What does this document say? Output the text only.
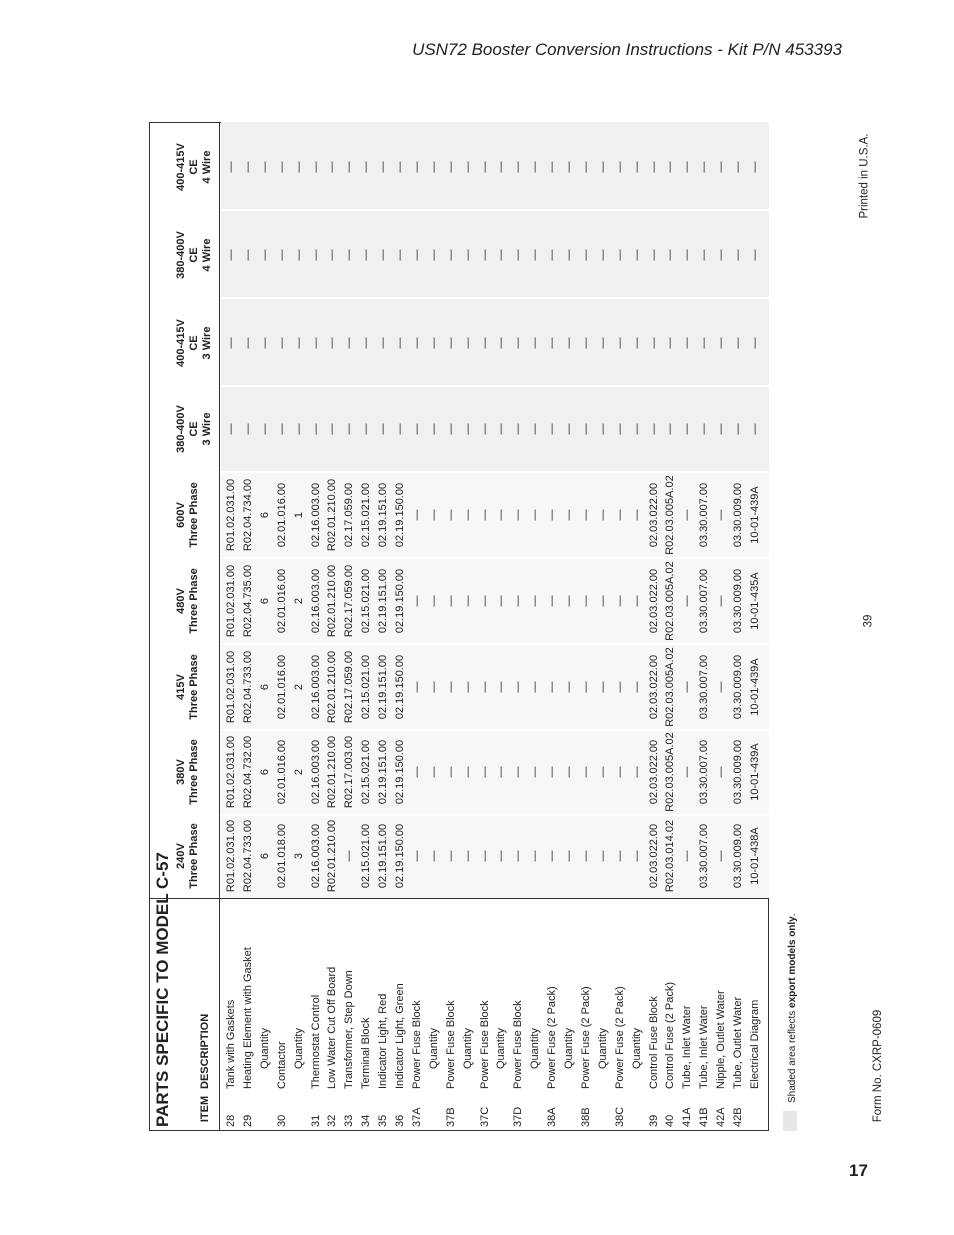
USN72 Booster Conversion Instructions - Kit P/N 453393
Printed in U.S.A.
39
Form No. CXRP-0609
17
PARTS SPECIFIC TO MODEL C-57	ITEM
DESCRIPTION
240V Three Phase
380V Three Phase
415V Three Phase
480V Three Phase
600V Three Phase
380-400V CE 3 Wire
400-415V CE 3 Wire
380-400V CE 4 Wire
400-415V CE 4 Wire
28
Tank with Gaskets
R01.02.031.00
R01.02.031.00
R01.02.031.00
R01.02.031.00
R01.02.031.00
—
—
—
—
29
Heating Element with Gasket
R02.04.733.00
R02.04.732.00
R02.04.733.00
R02.04.735.00
R02.04.734.00
—
—
—
—
Quantity
6
6
6
6
6
—
—
—
—
30
Contactor
02.01.018.00
02.01.016.00
02.01.016.00
02.01.016.00
02.01.016.00
—
—
—
—
Quantity
3
2
2
2
1
—
—
—
—
31
Thermostat Control
02.16.003.00
02.16.003.00
02.16.003.00
02.16.003.00
02.16.003.00
—
—
—
—
32
Low Water Cut Off Board
R02.01.210.00
R02.01.210.00
R02.01.210.00
R02.01.210.00
R02.01.210.00
—
—
—
—
33
Transformer, Step Down
—
R02.17.003.00
R02.17.059.00
R02.17.059.00
02.17.059.00
—
—
—
—
34
Terminal Block
02.15.021.00
02.15.021.00
02.15.021.00
02.15.021.00
02.15.021.00
—
—
—
—
35
Indicator Light, Red
02.19.151.00
02.19.151.00
02.19.151.00
02.19.151.00
02.19.151.00
—
—
—
—
36
Indicator Light, Green
02.19.150.00
02.19.150.00
02.19.150.00
02.19.150.00
02.19.150.00
—
—
—
—
37A
Power Fuse Block
—
—
—
—
—
—
—
—
—
Quantity
—
—
—
—
—
—
—
—
—
37B
Power Fuse Block
—
—
—
—
—
—
—
—
—
Quantity
—
—
—
—
—
—
—
—
—
37C
Power Fuse Block
—
—
—
—
—
—
—
—
—
Quantity
—
—
—
—
—
—
—
—
—
37D
Power Fuse Block
—
—
—
—
—
—
—
—
—
Quantity
—
—
—
—
—
—
—
—
—
38A
Power Fuse (2 Pack)
—
—
—
—
—
—
—
—
—
Quantity
—
—
—
—
—
—
—
—
—
38B
Power Fuse (2 Pack)
—
—
—
—
—
—
—
—
—
Quantity
—
—
—
—
—
—
—
—
—
38C
Power Fuse (2 Pack)
—
—
—
—
—
—
—
—
—
Quantity
—
—
—
—
—
—
—
—
—
39
Control Fuse Block
02.03.022.00
02.03.022.00
02.03.022.00
02.03.022.00
02.03.022.00
—
—
—
—
40
Control Fuse (2 Pack)
R02.03.014.02
R02.03.005A.02
R02.03.005A.02
R02.03.005A.02
R02.03.005A.02
—
—
—
—
41A
Tube, Inlet Water
—
—
—
—
—
—
—
—
—
41B
Tube, Inlet Water
03.30.007.00
03.30.007.00
03.30.007.00
03.30.007.00
03.30.007.00
—
—
—
—
42A
Nipple, Outlet Water
—
—
—
—
—
—
—
—
—
42B
Tube, Outlet Water
03.30.009.00
03.30.009.00
03.30.009.00
03.30.009.00
03.30.009.00
—
—
—
—
Electrical Diagram
10-01-438A
10-01-439A
10-01-439A
10-01-435A
10-01-439A
—
—
—
—
Shaded area reflects export models only.
